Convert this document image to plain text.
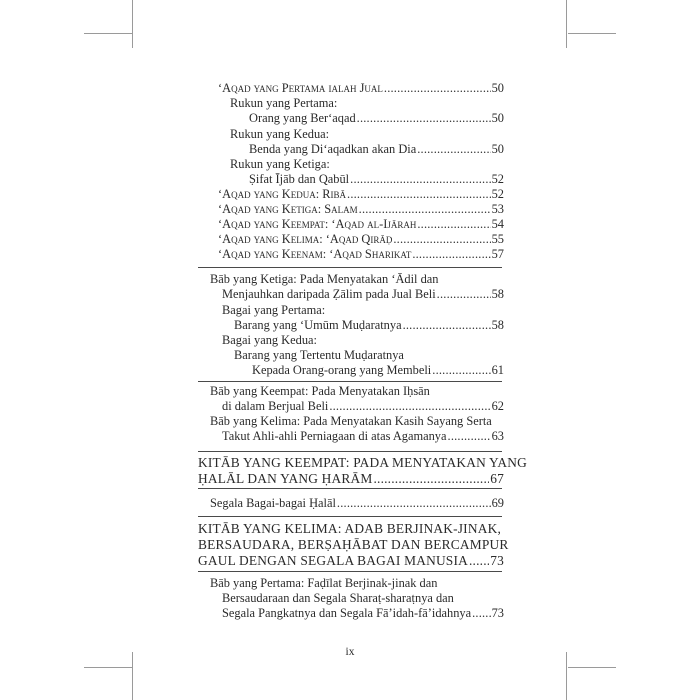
‘Aqad yang Pertama ialah Jual .....	50
Rukun yang Pertama:
Orang yang Ber‘aqad .....	50
Rukun yang Kedua:
Benda yang Di‘aqadkan akan Dia .....	50
Rukun yang Ketiga:
Ṣifat Ījāb dan Qabūl .....	52
‘Aqad yang Kedua: Ribā .....	52
‘Aqad yang Ketiga: Salam .....	53
‘Aqad yang Keempat: ‘Aqad al-Ijārah .....	54
‘Aqad yang Kelima: ‘Aqad Qirāḍ .....	55
‘Aqad yang Keenam: ‘Aqad Sharikat .....	57
Bāb yang Ketiga: Pada Menyatakan ‘Ādil dan
Menjauhkan daripada Ẓālim pada Jual Beli .....	58
Bagai yang Pertama:
Barang yang ‘Umūm Muḍaratnya .....	58
Bagai yang Kedua:
Barang yang Tertentu Muḍaratnya
Kepada Orang-orang yang Membeli .....	61
Bāb yang Keempat: Pada Menyatakan Iḥsān
di dalam Berjual Beli .....	62
Bāb yang Kelima: Pada Menyatakan Kasih Sayang Serta
Takut Ahli-ahli Perniagaan di atas Agamanya .....	63
KITĀB YANG KEEMPAT: PADA MENYATAKAN YANG
ḤALĀL DAN YANG ḤARĀM .....	67
Segala Bagai-bagai Ḥalāl .....	69
KITĀB YANG KELIMA: ADAB BERJINAK-JINAK,
BERSAUDARA, BERṢAḤĀBAT DAN BERCAMPUR
GAUL DENGAN SEGALA BAGAI MANUSIA ..... 73
Bāb yang Pertama: Faḍīlat Berjinak-jinak dan
Bersaudaraan dan Segala Sharaṭ-sharaṭnya dan
Segala Pangkatnya dan Segala Fā’idah-fā’idahnya ..... 73
ix
